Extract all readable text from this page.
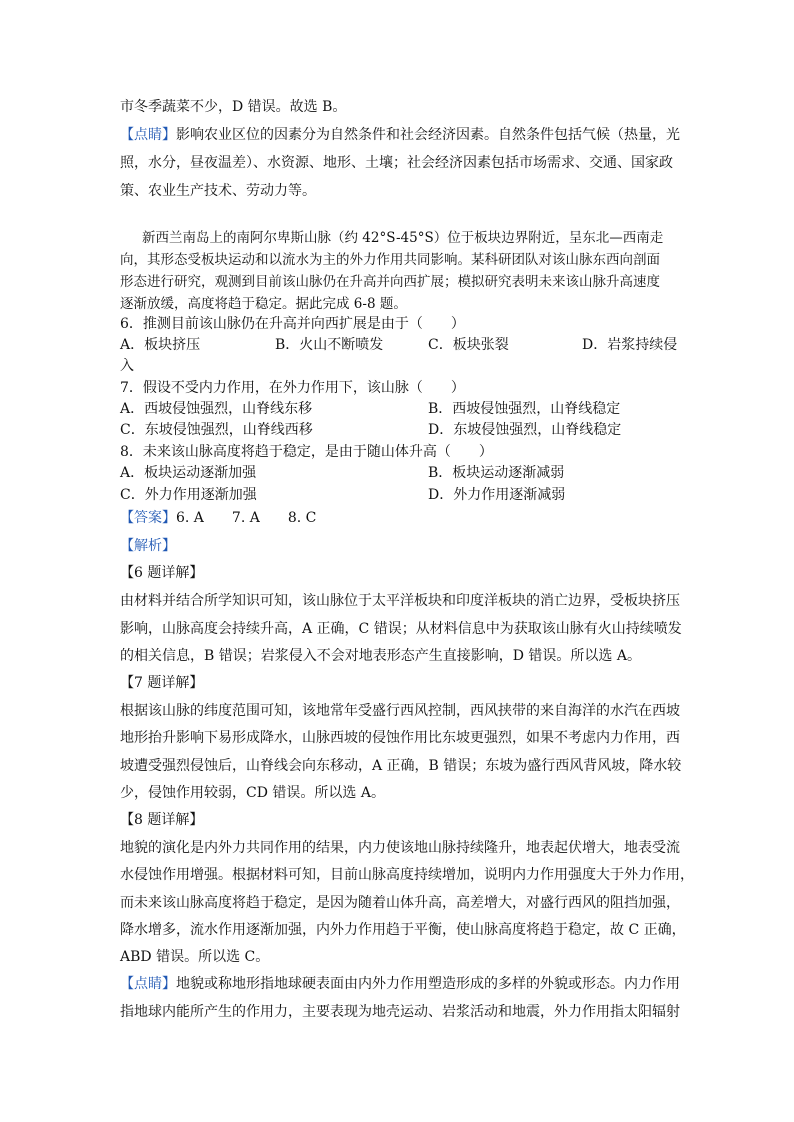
市冬季蔬菜不少，D 错误。故选 B。
【点睛】影响农业区位的因素分为自然条件和社会经济因素。自然条件包括气候（热量，光
照，水分，昼夜温差）、水资源、地形、土壤；社会经济因素包括市场需求、交通、国家政
策、农业生产技术、劳动力等。
新西兰南岛上的南阿尔卑斯山脉（约 42°S-45°S）位于板块边界附近，呈东北—西南走
向，其形态受板块运动和以流水为主的外力作用共同影响。某科研团队对该山脉东西向剖面
形态进行研究，观测到目前该山脉仍在升高并向西扩展；模拟研究表明未来该山脉升高速度
逐渐放缓，高度将趋于稳定。据此完成 6-8 题。
6．推测目前该山脉仍在升高并向西扩展是由于（　　）
A．板块挤压	B．火山不断喷发	C．板块张裂	D．岩浆持续侵
入
7．假设不受内力作用，在外力作用下，该山脉（　　）
A．西坡侵蚀强烈，山脊线东移	B．西坡侵蚀强烈，山脊线稳定
C．东坡侵蚀强烈，山脊线西移	D．东坡侵蚀强烈，山脊线稳定
8．未来该山脉高度将趋于稳定，是由于随山体升高（　　）
A．板块运动逐渐加强	B．板块运动逐渐减弱
C．外力作用逐渐加强	D．外力作用逐渐减弱
【答案】6. A　　7. A　　8. C
【解析】
【6 题详解】
由材料并结合所学知识可知，该山脉位于太平洋板块和印度洋板块的消亡边界，受板块挤压
影响，山脉高度会持续升高，A 正确，C 错误；从材料信息中为获取该山脉有火山持续喷发
的相关信息，B 错误；岩浆侵入不会对地表形态产生直接影响，D 错误。所以选 A。
【7 题详解】
根据该山脉的纬度范围可知，该地常年受盛行西风控制，西风挟带的来自海洋的水汽在西坡
地形抬升影响下易形成降水，山脉西坡的侵蚀作用比东坡更强烈，如果不考虑内力作用，西
坡遭受强烈侵蚀后，山脊线会向东移动，A 正确，B 错误；东坡为盛行西风背风坡，降水较
少，侵蚀作用较弱，CD 错误。所以选 A。
【8 题详解】
地貌的演化是内外力共同作用的结果，内力使该地山脉持续隆升，地表起伏增大，地表受流
水侵蚀作用增强。根据材料可知，目前山脉高度持续增加，说明内力作用强度大于外力作用，
而未来该山脉高度将趋于稳定，是因为随着山体升高，高差增大，对盛行西风的阻挡加强，
降水增多，流水作用逐渐加强，内外力作用趋于平衡，使山脉高度将趋于稳定，故 C 正确，
ABD 错误。所以选 C。
【点睛】地貌或称地形指地球硬表面由内外力作用塑造形成的多样的外貌或形态。内力作用
指地球内能所产生的作用力，主要表现为地壳运动、岩浆活动和地震，外力作用指太阳辐射
